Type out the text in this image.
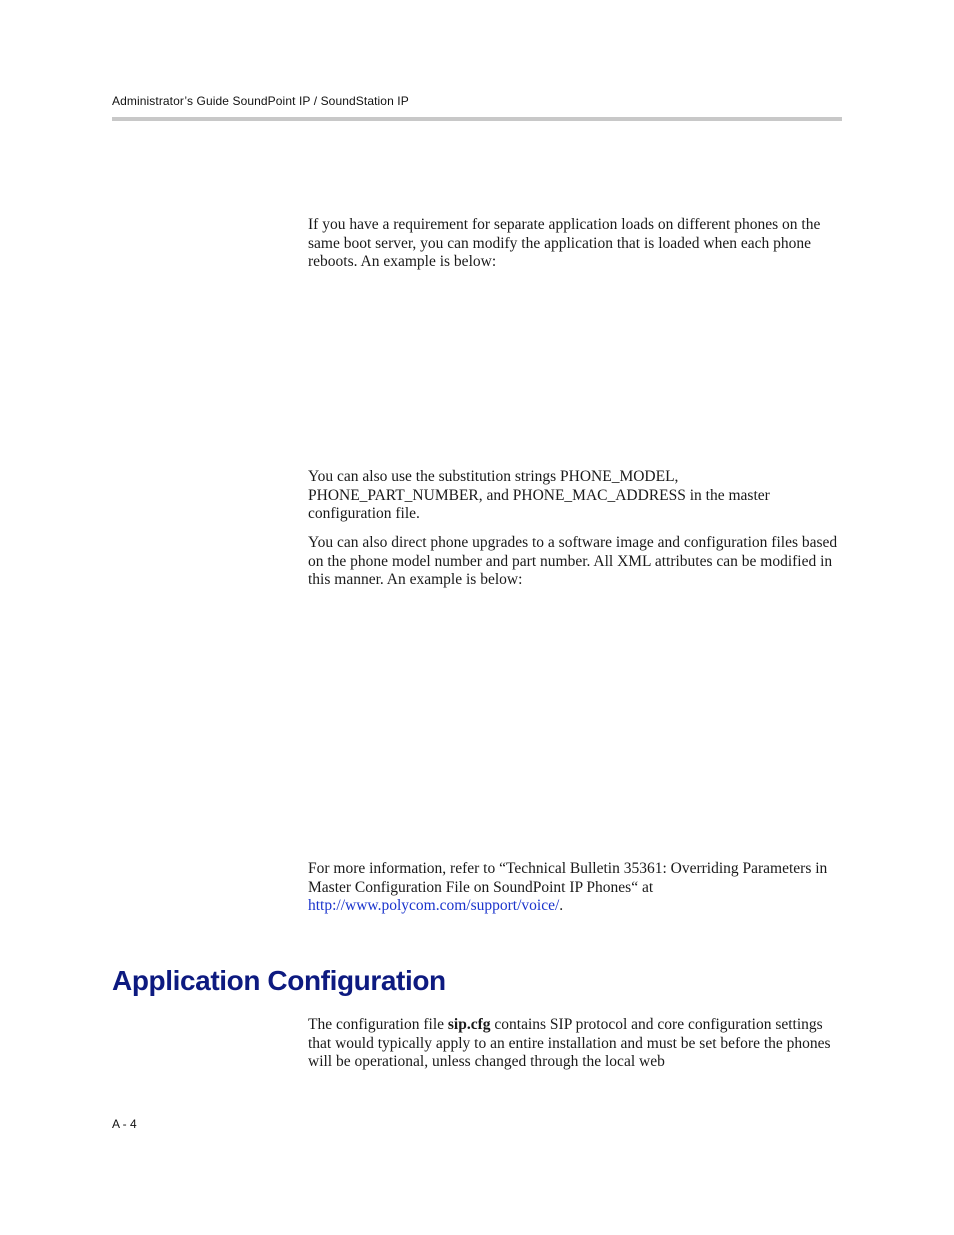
Administrator’s Guide SoundPoint IP / SoundStation IP

If you have a requirement for separate application loads on different phones on the same boot server, you can modify the application that is loaded when each phone reboots. An example is below:

You can also use the substitution strings PHONE_MODEL, PHONE_PART_NUMBER, and PHONE_MAC_ADDRESS in the master configuration file.

You can also direct phone upgrades to a software image and configuration files based on the phone model number and part number. All XML attributes can be modified in this manner. An example is below:

For more information, refer to “Technical Bulletin 35361: Overriding Parameters in Master Configuration File on SoundPoint IP Phones“ at http://www.polycom.com/support/voice/.

Application Configuration

The configuration file sip.cfg contains SIP protocol and core configuration settings that would typically apply to an entire installation and must be set before the phones will be operational, unless changed through the local web

A - 4
